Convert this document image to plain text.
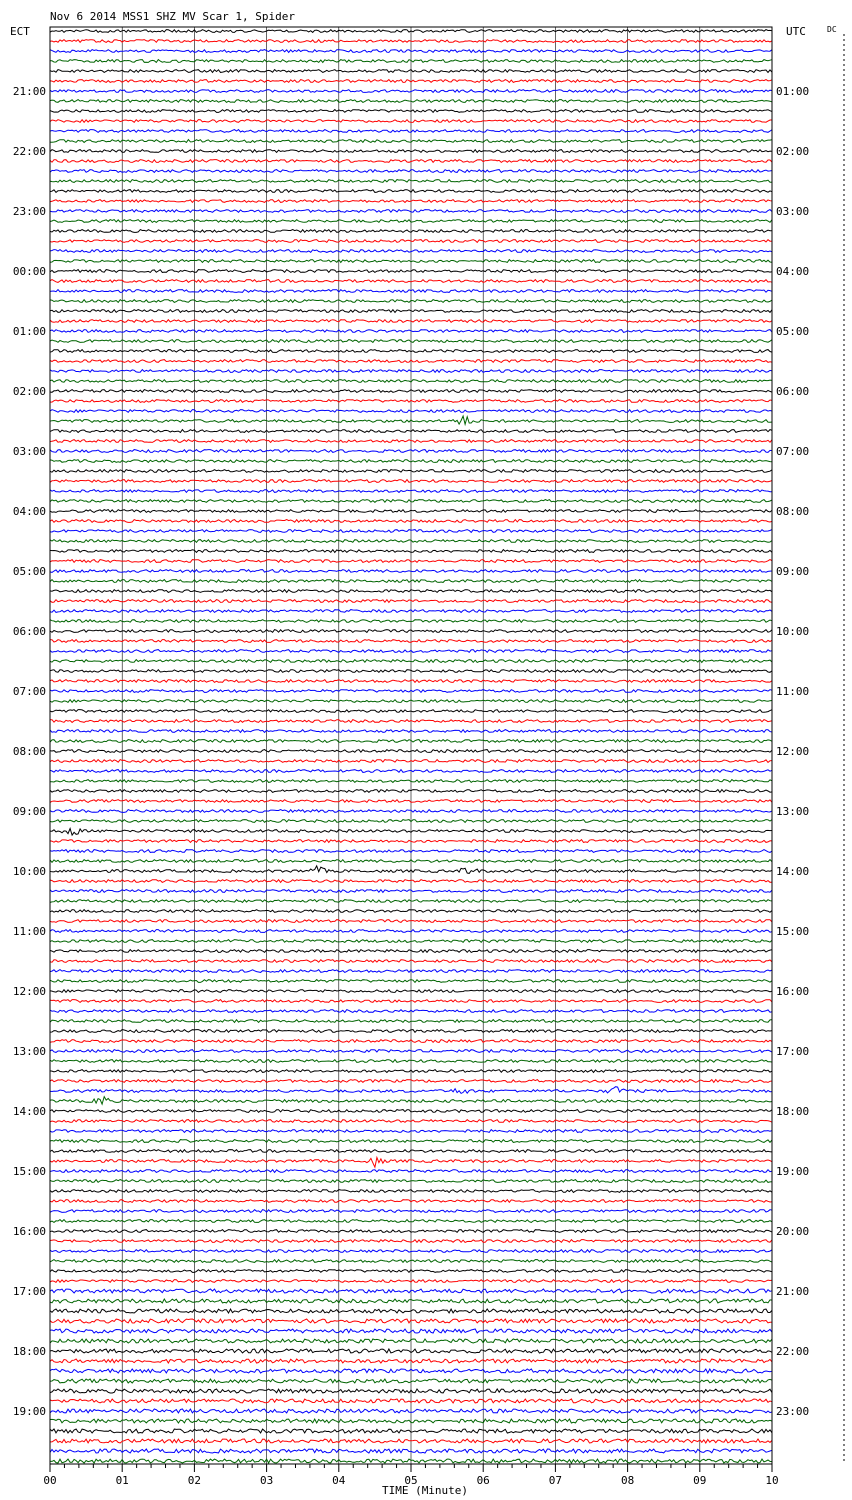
Nov 6 2014 MSS1 SHZ MV Scar 1, Spider
ECT	UTC	DC
21:00
22:00
23:00
00:00
01:00
02:00
03:00
04:00
05:00
06:00
07:00
08:00
09:00
10:00
11:00
12:00
13:00
14:00
15:00
16:00
17:00
18:00
19:00
01:00
02:00
03:00
04:00
05:00
06:00
07:00
08:00
09:00
10:00
11:00
12:00
13:00
14:00
15:00
16:00
17:00
18:00
19:00
20:00
21:00
22:00
23:00
00	01	02	03	04	05	06	07	08	09	10
TIME (Minute)
